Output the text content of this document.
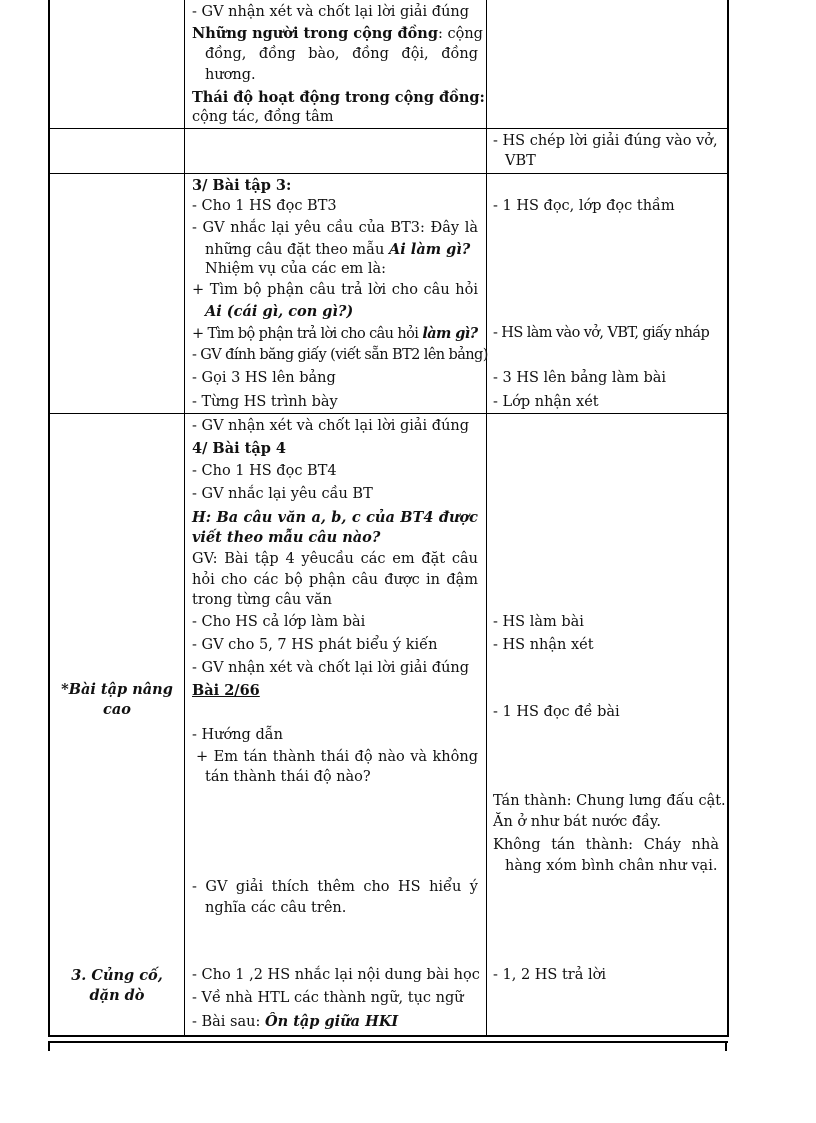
- GV nhận xét và chốt lại lời giải đúng
Những người trong cộng đồng: cộng
đồng, đồng bào, đồng đội, đồng
hương.
Thái độ hoạt động trong cộng đồng:
cộng tác, đồng tâm
- HS chép lời giải đúng vào vở,
VBT
3/ Bài tập 3:
- Cho 1 HS đọc BT3
- GV nhắc lại yêu cầu của BT3: Đây là
những câu đặt theo mẫu Ai làm gì?
Nhiệm vụ của các em là:
+ Tìm bộ phận câu trả lời cho câu hỏi
Ai (cái gì, con gì?)
+ Tìm bộ phận trả lời cho câu hỏi làm gì?
- GV đính băng giấy (viết sẵn BT2 lên bảng)
- Gọi 3 HS lên bảng
- Từng HS trình bày
- 1 HS đọc, lớp đọc thầm
- HS làm vào vở, VBT, giấy nháp
- 3 HS lên bảng làm bài
- Lớp nhận xét
*Bài tập nâng
cao
3. Củng cố,
dặn dò
- GV nhận xét và chốt lại lời giải đúng
4/ Bài tập 4
- Cho 1 HS đọc BT4
- GV nhắc lại yêu cầu BT
H: Ba câu văn a, b, c của BT4 được
viết theo mẫu câu nào?
GV: Bài tập 4 yêucầu các em đặt câu
hỏi cho các bộ phận câu được in đậm
trong từng câu văn
- Cho HS cả lớp làm bài
- GV cho 5, 7 HS phát biểu ý kiến
- GV nhận xét và chốt lại lời giải đúng
Bài 2/66
- Hướng dẫn
+ Em tán thành thái độ nào và không
tán thành thái độ nào?
- GV giải thích thêm cho HS hiểu ý
nghĩa các câu trên.
- Cho 1 ,2 HS nhắc lại nội dung bài học
- Về nhà HTL các thành ngữ, tục ngữ
- Bài sau: Ôn tập giữa HKI
- HS làm bài
- HS nhận xét
- 1 HS đọc đề bài
Tán thành: Chung lưng đấu cật.
Ăn ở như bát nước đầy.
Không tán thành: Cháy nhà
hàng xóm bình chân như vại.
- 1, 2 HS trả lời
